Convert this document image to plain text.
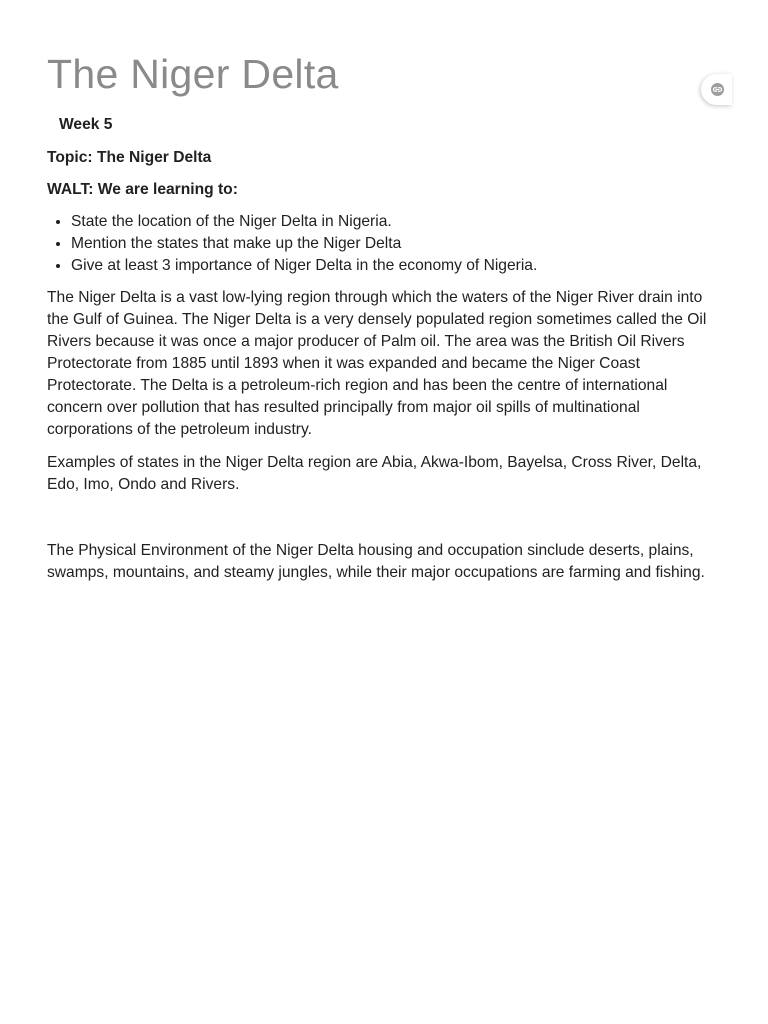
The Niger Delta

Week 5

Topic: The Niger Delta

WALT: We are learning to:

• State the location of the Niger Delta in Nigeria.
• Mention the states that make up the Niger Delta
• Give at least 3 importance of Niger Delta in the economy of Nigeria.

The Niger Delta is a vast low-lying region through which the waters of the Niger River drain into the Gulf of Guinea. The Niger Delta is a very densely populated region sometimes called the Oil Rivers because it was once a major producer of Palm oil. The area was the British Oil Rivers Protectorate from 1885 until 1893 when it was expanded and became the Niger Coast Protectorate. The Delta is a petroleum-rich region and has been the centre of international concern over pollution that has resulted principally from major oil spills of multinational corporations of the petroleum industry.

Examples of states in the Niger Delta region are Abia, Akwa-Ibom, Bayelsa, Cross River, Delta, Edo, Imo, Ondo and Rivers.

The Physical Environment of the Niger Delta housing and occupation sinclude deserts, plains, swamps, mountains, and steamy jungles, while their major occupations are farming and fishing.
